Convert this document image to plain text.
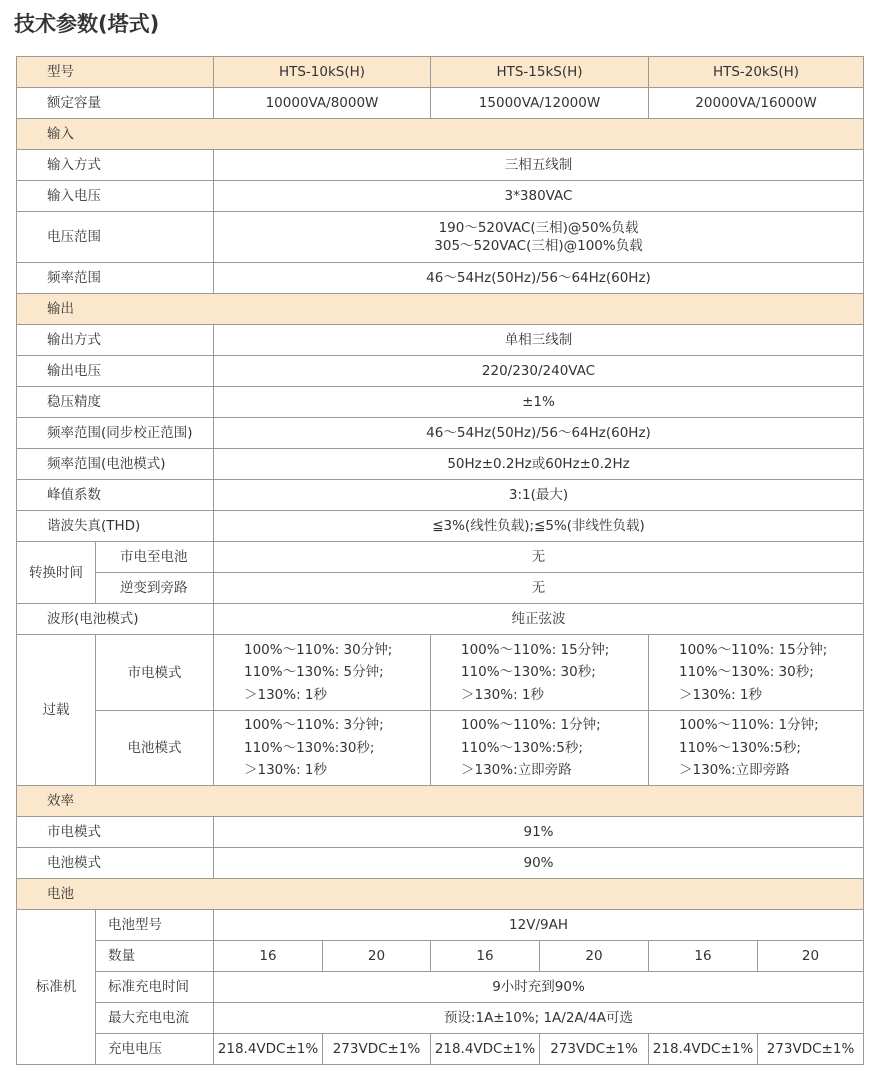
技术参数(塔式)
型号		HTS-10kS(H)		HTS-15kS(H)		HTS-20kS(H)	
额定容量		10000VA/8000W		15000VA/12000W		20000VA/16000W	
输入							
输入方式		三相五线制					
输入电压		3*380VAC					
电压范围		190～520VAC(三相)@50%负载
305～520VAC(三相)@100%负载					

频率范围		46～54Hz(50Hz)/56～64Hz(60Hz)					
输出							
输出方式		单相三线制					
输出电压		220/230/240VAC					
稳压精度		±1%					
频率范围(同步校正范围)		46～54Hz(50Hz)/56～64Hz(60Hz)					
频率范围(电池模式)		50Hz±0.2Hz或60Hz±0.2Hz					
峰值系数		3:1(最大)					
谐波失真(THD)		≦3%(线性负载);≦5%(非线性负载)					
转换时间	市电至电池	无					
	逆变到旁路	无					
波形(电池模式)		纯正弦波					
过载	市电模式	100%～110%: 30分钟;
110%～130%: 5分钟;
＞130%: 1秒		100%～110%: 15分钟;
110%～130%: 30秒;
＞130%: 1秒		100%～110%: 15分钟;
110%～130%: 30秒;
＞130%: 1秒	

	电池模式	100%～110%: 3分钟;
110%～130%:30秒;
＞130%: 1秒		100%～110%: 1分钟;
110%～130%:5秒;
＞130%:立即旁路		100%～110%: 1分钟;
110%～130%:5秒;
＞130%:立即旁路	

效率							
市电模式		91%					
电池模式		90%					
电池							
标准机	电池型号	12V/9AH					
	数量	16	20	16	20	16	20
	标准充电时间	9小时充到90%					
	最大充电电流	预设:1A±10%; 1A/2A/4A可选					
	充电电压	218.4VDC±1%	273VDC±1%	218.4VDC±1%	273VDC±1%	218.4VDC±1%	273VDC±1%
